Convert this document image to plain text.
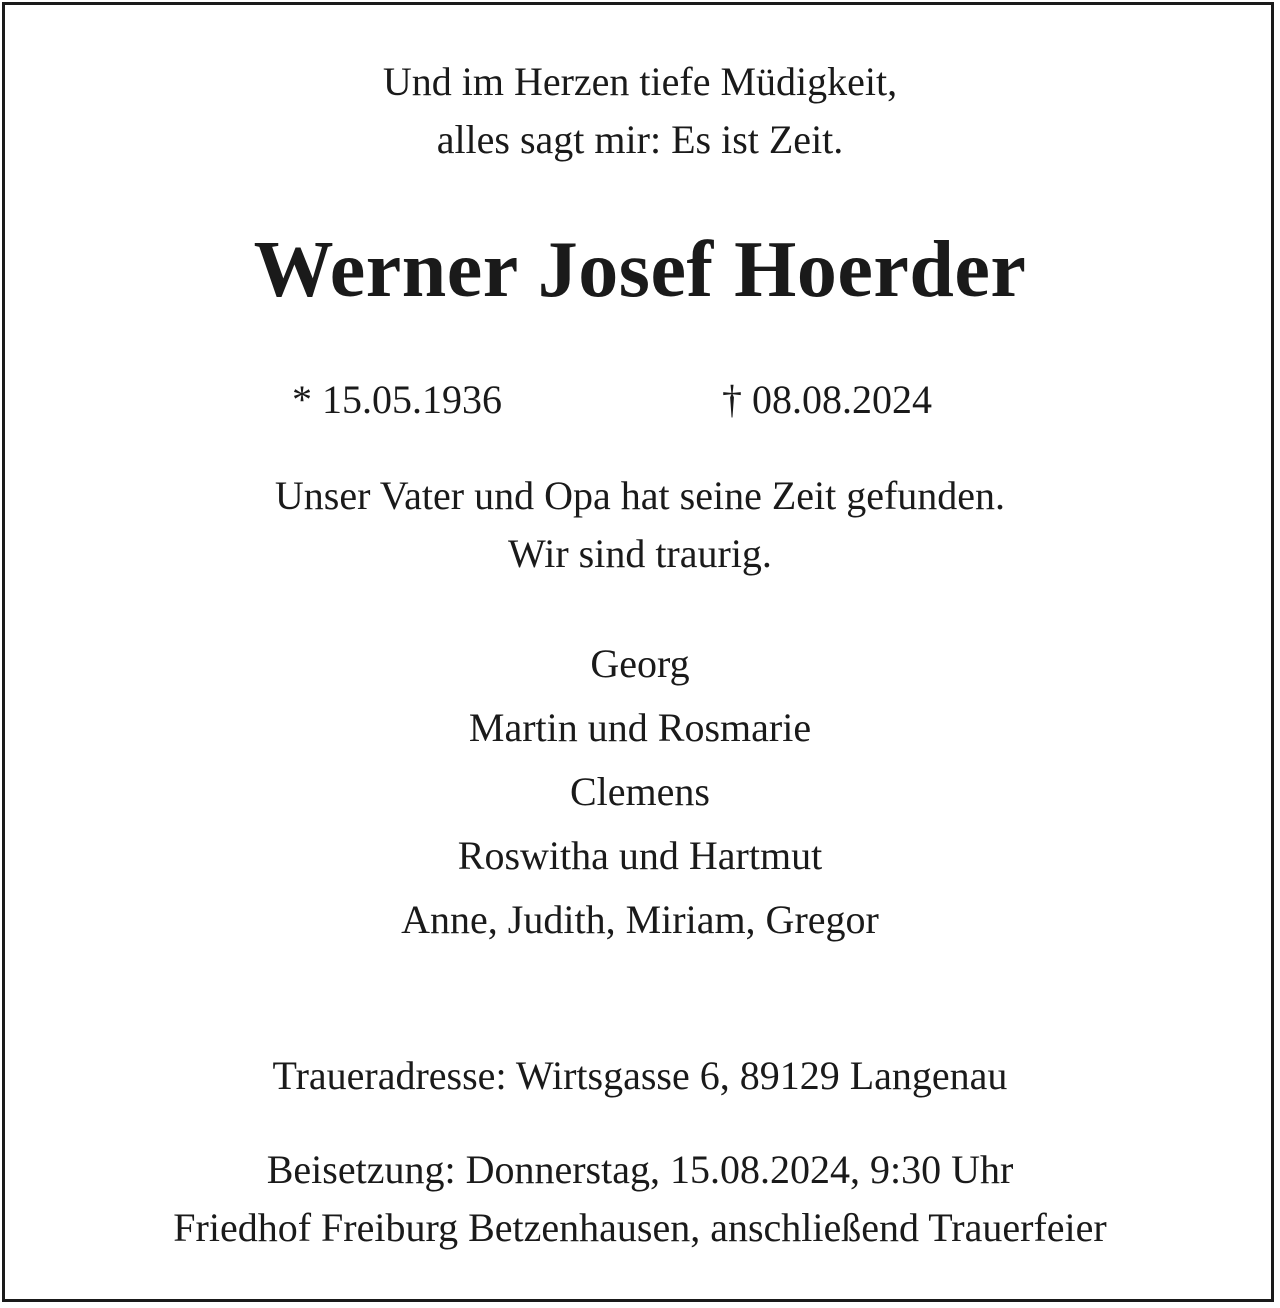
Und im Herzen tiefe Müdigkeit,
alles sagt mir: Es ist Zeit.
Werner Josef Hoerder
* 15.05.1936	† 08.08.2024
Unser Vater und Opa hat seine Zeit gefunden.
Wir sind traurig.
Georg
Martin und Rosmarie
Clemens
Roswitha und Hartmut
Anne, Judith, Miriam, Gregor
Traueradresse: Wirtsgasse 6, 89129 Langenau
Beisetzung: Donnerstag, 15.08.2024, 9:30 Uhr
Friedhof Freiburg Betzenhausen, anschließend Trauerfeier
